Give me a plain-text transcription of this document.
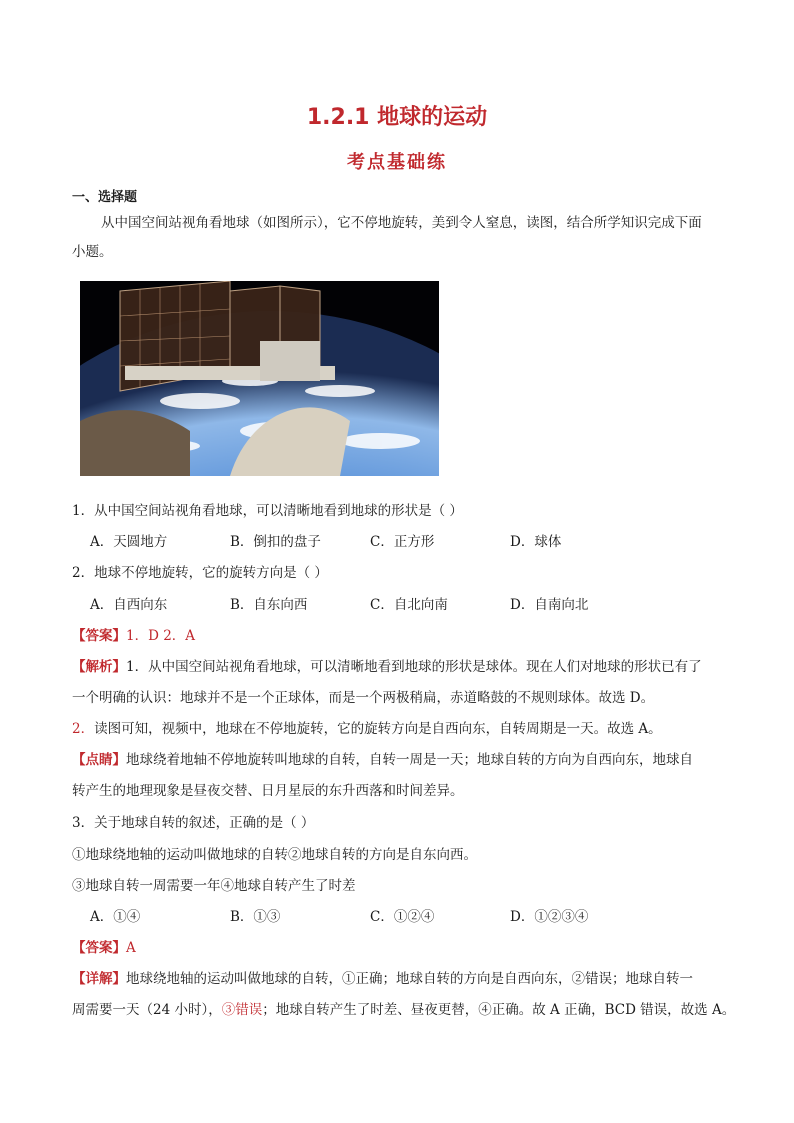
1.2.1 地球的运动
考点基础练
一、选择题
从中国空间站视角看地球（如图所示），它不停地旋转，美到令人窒息，读图，结合所学知识完成下面
小题。
1．从中国空间站视角看地球，可以清晰地看到地球的形状是（ ）
A．天圆地方	B．倒扣的盘子	C．正方形	D．球体
2．地球不停地旋转，它的旋转方向是（ ）
A．自西向东	B．自东向西	C．自北向南	D．自南向北
【答案】1．D 2．A
【解析】1．从中国空间站视角看地球，可以清晰地看到地球的形状是球体。现在人们对地球的形状已有了
一个明确的认识：地球并不是一个正球体，而是一个两极稍扁，赤道略鼓的不规则球体。故选 D。
2．读图可知，视频中，地球在不停地旋转，它的旋转方向是自西向东，自转周期是一天。故选 A。
【点睛】地球绕着地轴不停地旋转叫地球的自转，自转一周是一天；地球自转的方向为自西向东，地球自
转产生的地理现象是昼夜交替、日月星辰的东升西落和时间差异。
3．关于地球自转的叙述，正确的是（ ）
①地球绕地轴的运动叫做地球的自转②地球自转的方向是自东向西。
③地球自转一周需要一年④地球自转产生了时差
A．①④	B．①③	C．①②④	D．①②③④
【答案】A
【详解】地球绕地轴的运动叫做地球的自转，①正确；地球自转的方向是自西向东，②错误；地球自转一
周需要一天（24 小时），③错误；地球自转产生了时差、昼夜更替，④正确。故 A 正确，BCD 错误，故选 A。
